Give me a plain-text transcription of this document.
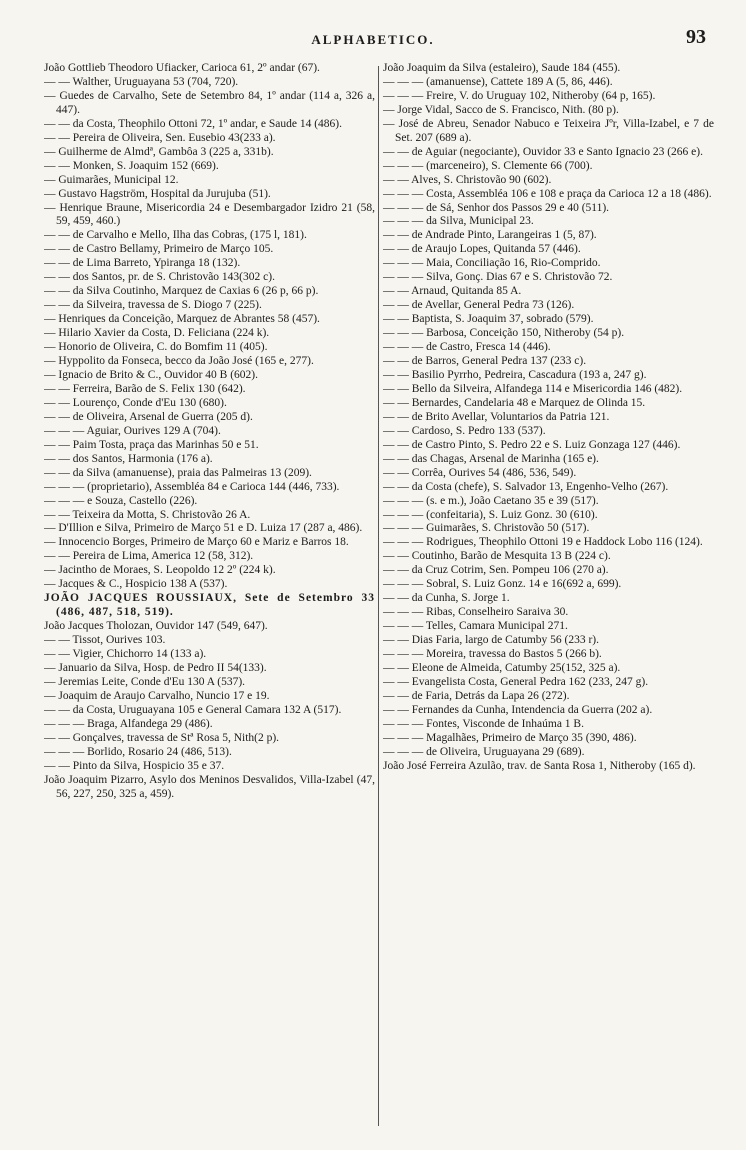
ALPHABETICO.	93

João Gottlieb Theodoro Ufiacker, Carioca 61, 2º andar (67).

— — Walther, Uruguayana 53 (704, 720).

— Guedes de Carvalho, Sete de Setembro 84, 1º andar (114 a, 326 a, 447).

— — da Costa, Theophilo Ottoni 72, 1º andar, e Saude 14 (486).

— — Pereira de Oliveira, Sen. Eusebio 43(233 a).

— Guilherme de Almdª, Gambôa 3 (225 a, 331b).

— — Monken, S. Joaquim 152 (669).

— Guimarães, Municipal 12.

— Gustavo Hagström, Hospital da Jurujuba (51).

— Henrique Braune, Misericordia 24 e Desembargador Izidro 21 (58, 59, 459, 460.)

— — de Carvalho e Mello, Ilha das Cobras, (175 l, 181).

— — de Castro Bellamy, Primeiro de Março 105.

— — de Lima Barreto, Ypiranga 18 (132).

— — dos Santos, pr. de S. Christovão 143(302 c).

— — da Silva Coutinho, Marquez de Caxias 6 (26 p, 66 p).

— — da Silveira, travessa de S. Diogo 7 (225).

— Henriques da Conceição, Marquez de Abrantes 58 (457).

— Hilario Xavier da Costa, D. Feliciana (224 k).

— Honorio de Oliveira, C. do Bomfim 11 (405).

— Hyppolito da Fonseca, becco da João José (165 e, 277).

— Ignacio de Brito & C., Ouvidor 40 B (602).

— — Ferreira, Barão de S. Felix 130 (642).

— — Lourenço, Conde d'Eu 130 (680).

— — de Oliveira, Arsenal de Guerra (205 d).

— — — Aguiar, Ourives 129 A (704).

— — Paim Tosta, praça das Marinhas 50 e 51.

— — dos Santos, Harmonia (176 a).

— — da Silva (amanuense), praia das Palmeiras 13 (209).

— — — (proprietario), Assembléa 84 e Carioca 144 (446, 733).

— — — e Souza, Castello (226).

— — Teixeira da Motta, S. Christovão 26 A.

— D'Illion e Silva, Primeiro de Março 51 e D. Luiza 17 (287 a, 486).

— Innocencio Borges, Primeiro de Março 60 e Mariz e Barros 18.

— — Pereira de Lima, America 12 (58, 312).

— Jacintho de Moraes, S. Leopoldo 12 2º (224 k).

— Jacques & C., Hospicio 138 A (537).

JOÃO JACQUES ROUSSIAUX, Sete de Setembro 33 (486, 487, 518, 519).

João Jacques Tholozan, Ouvidor 147 (549, 647).

— — Tissot, Ourives 103.

— — Vigier, Chichorro 14 (133 a).

— Januario da Silva, Hosp. de Pedro II 54(133).

— Jeremias Leite, Conde d'Eu 130 A (537).

— Joaquim de Araujo Carvalho, Nuncio 17 e 19.

— — da Costa, Uruguayana 105 e General Camara 132 A (517).

— — — Braga, Alfandega 29 (486).

— — Gonçalves, travessa de Stª Rosa 5, Nith(2 p).

— — — Borlido, Rosario 24 (486, 513).

— — Pinto da Silva, Hospicio 35 e 37.

João Joaquim Pizarro, Asylo dos Meninos Desvalidos, Villa-Izabel (47, 56, 227, 250, 325 a, 459).

João Joaquim da Silva (estaleiro), Saude 184 (455).

— — — (amanuense), Cattete 189 A (5, 86, 446).

— — — Freire, V. do Uruguay 102, Nitheroby (64 p, 165).

— Jorge Vidal, Sacco de S. Francisco, Nith. (80 p).

— José de Abreu, Senador Nabuco e Teixeira Jºr, Villa-Izabel, e 7 de Set. 207 (689 a).

— — de Aguiar (negociante), Ouvidor 33 e Santo Ignacio 23 (266 e).

— — — (marceneiro), S. Clemente 66 (700).

— — Alves, S. Christovão 90 (602).

— — — Costa, Assembléa 106 e 108 e praça da Carioca 12 a 18 (486).

— — — de Sá, Senhor dos Passos 29 e 40 (511).

— — — da Silva, Municipal 23.

— — de Andrade Pinto, Larangeiras 1 (5, 87).

— — de Araujo Lopes, Quitanda 57 (446).

— — — Maia, Conciliação 16, Rio-Comprido.

— — — Silva, Gonç. Dias 67 e S. Christovão 72.

— — Arnaud, Quitanda 85 A.

— — de Avellar, General Pedra 73 (126).

— — Baptista, S. Joaquim 37, sobrado (579).

— — — Barbosa, Conceição 150, Nitheroby (54 p).

— — — de Castro, Fresca 14 (446).

— — de Barros, General Pedra 137 (233 c).

— — Basilio Pyrrho, Pedreira, Cascadura (193 a, 247 g).

— — Bello da Silveira, Alfandega 114 e Misericordia 146 (482).

— — Bernardes, Candelaria 48 e Marquez de Olinda 15.

— — de Brito Avellar, Voluntarios da Patria 121.

— — Cardoso, S. Pedro 133 (537).

— — de Castro Pinto, S. Pedro 22 e S. Luiz Gonzaga 127 (446).

— — das Chagas, Arsenal de Marinha (165 e).

— — Corrêa, Ourives 54 (486, 536, 549).

— — da Costa (chefe), S. Salvador 13, Engenho-Velho (267).

— — — (s. e m.), João Caetano 35 e 39 (517).

— — — (confeitaria), S. Luiz Gonz. 30 (610).

— — — Guimarães, S. Christovão 50 (517).

— — — Rodrigues, Theophilo Ottoni 19 e Haddock Lobo 116 (124).

— — Coutinho, Barão de Mesquita 13 B (224 c).

— — da Cruz Cotrim, Sen. Pompeu 106 (270 a).

— — — Sobral, S. Luiz Gonz. 14 e 16(692 a, 699).

— — da Cunha, S. Jorge 1.

— — — Ribas, Conselheiro Saraiva 30.

— — — Telles, Camara Municipal 271.

— — Dias Faria, largo de Catumby 56 (233 r).

— — — Moreira, travessa do Bastos 5 (266 b).

— — Eleone de Almeida, Catumby 25(152, 325 a).

— — Evangelista Costa, General Pedra 162 (233, 247 g).

— — de Faria, Detrás da Lapa 26 (272).

— — Fernandes da Cunha, Intendencia da Guerra (202 a).

— — — Fontes, Visconde de Inhaúma 1 B.

— — — Magalhães, Primeiro de Março 35 (390, 486).

— — — de Oliveira, Uruguayana 29 (689).

João José Ferreira Azulão, trav. de Santa Rosa 1, Nitheroby (165 d).
